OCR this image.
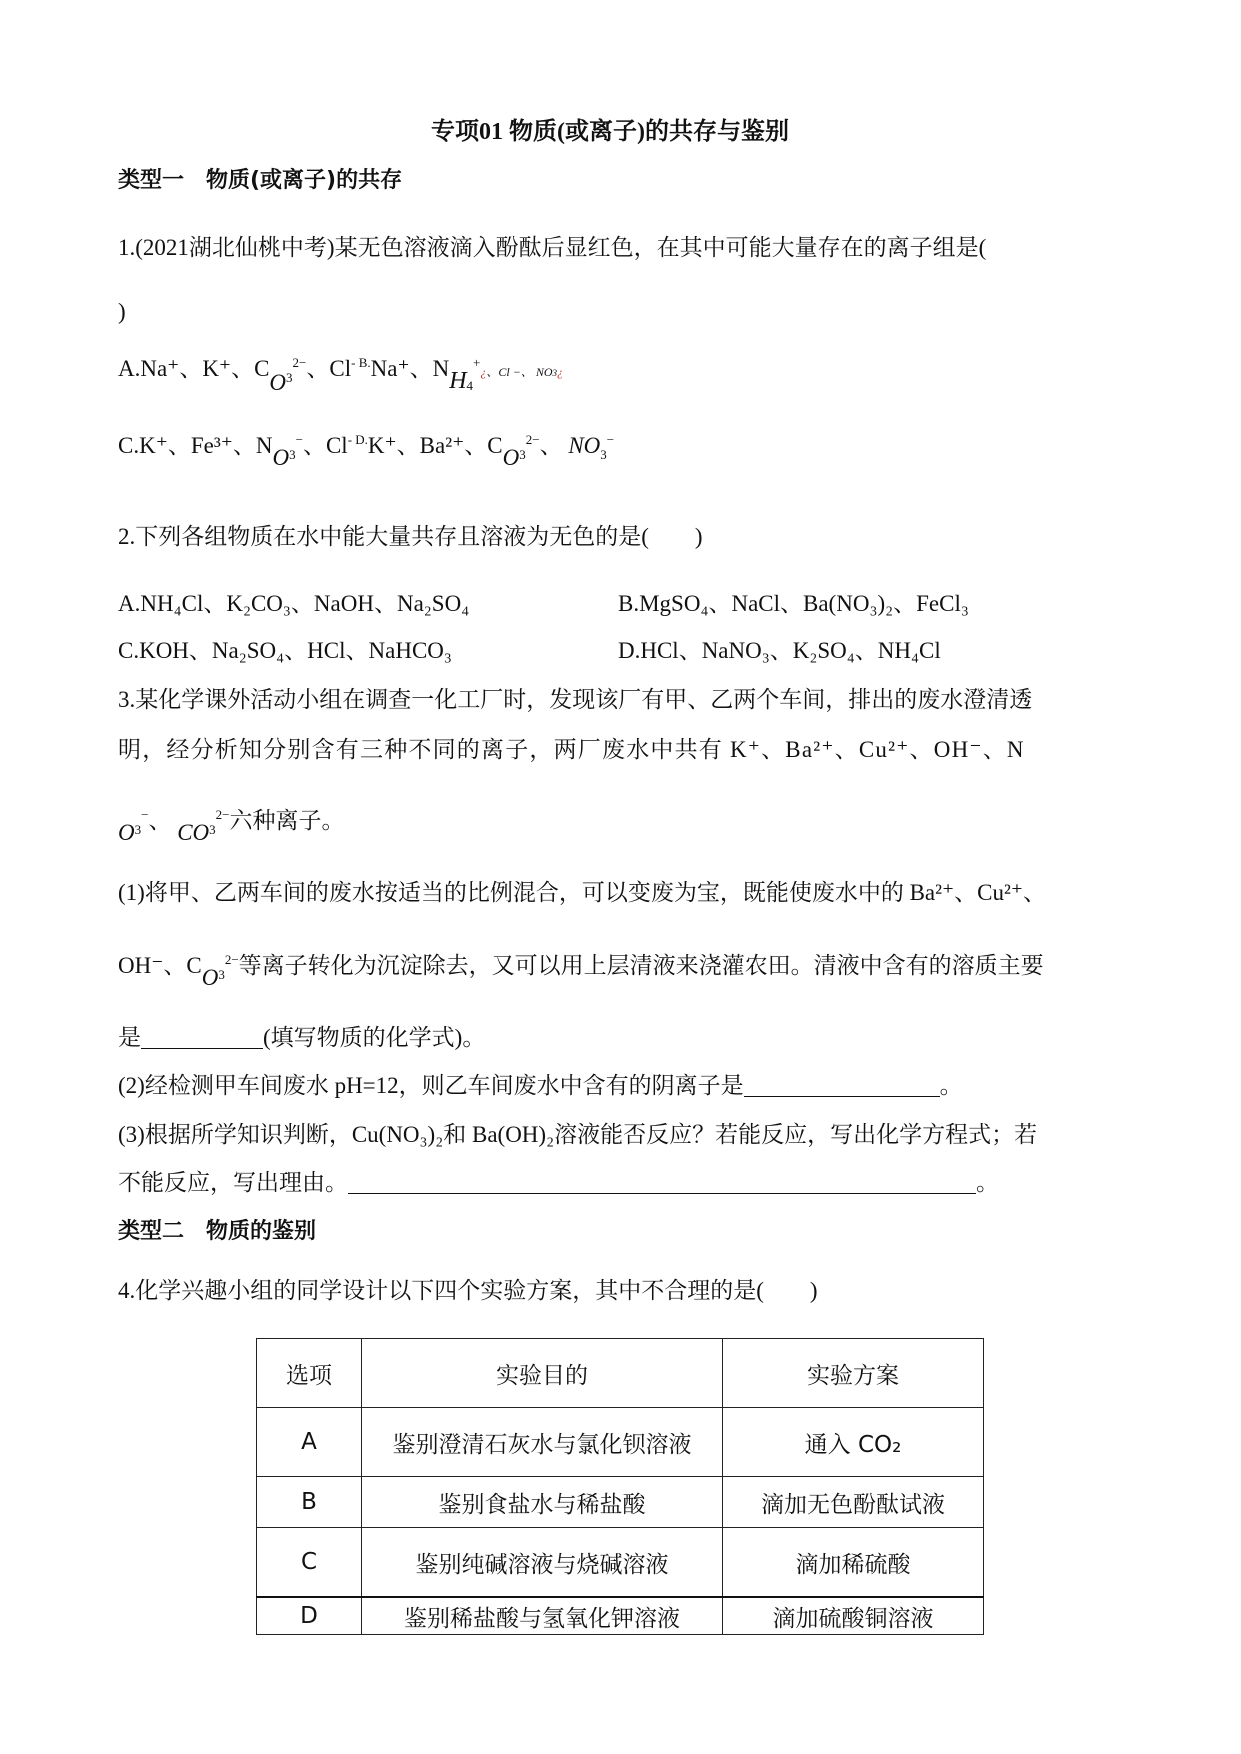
专项01 物质(或离子)的共存与鉴别
类型一　物质(或离子)的共存
1.(2021湖北仙桃中考)某无色溶液滴入酚酞后显红色，在其中可能大量存在的离子组是(
)
A.Na⁺、K⁺、$CO_3^{2-}$、$Cl^{- B.}Na^+$、$NH_4^+¿$、Cl −、 NO3¿
C.K⁺、Fe³⁺、$NO_3^-$、$Cl^{- D.}K^+$、Ba²⁺、$CO_3^{2-}$、 $NO_3^-$
2.下列各组物质在水中能大量共存且溶液为无色的是(　　)
A.NH₄Cl、K₂CO₃、NaOH、Na₂SO₄	B.MgSO₄、NaCl、Ba(NO₃)₂、FeCl₃
C.KOH、Na₂SO₄、HCl、NaHCO₃	D.HCl、NaNO₃、K₂SO₄、NH₄Cl
3.某化学课外活动小组在调查一化工厂时，发现该厂有甲、乙两个车间，排出的废水澄清透
明，经分析知分别含有三种不同的离子，两厂废水中共有 K⁺、Ba²⁺、Cu²⁺、OH⁻、N
$O_3^-$、 $CO_3^{2-}$六种离子。
(1)将甲、乙两车间的废水按适当的比例混合，可以变废为宝，既能使废水中的 Ba²⁺、Cu²⁺、
OH⁻、$CO_3^{2-}$等离子转化为沉淀除去，又可以用上层清液来浇灌农田。清液中含有的溶质主要
是	(填写物质的化学式)。
(2)经检测甲车间废水 pH=12，则乙车间废水中含有的阴离子是	。
(3)根据所学知识判断，Cu(NO₃)₂和 Ba(OH)₂溶液能否反应？若能反应，写出化学方程式；若
不能反应，写出理由。	。
类型二　物质的鉴别
4.化学兴趣小组的同学设计以下四个实验方案，其中不合理的是(　　)
选项	实验目的	实验方案
A	鉴别澄清石灰水与氯化钡溶液	通入 CO₂
B	鉴别食盐水与稀盐酸	滴加无色酚酞试液
C	鉴别纯碱溶液与烧碱溶液	滴加稀硫酸
D	鉴别稀盐酸与氢氧化钾溶液	滴加硫酸铜溶液
